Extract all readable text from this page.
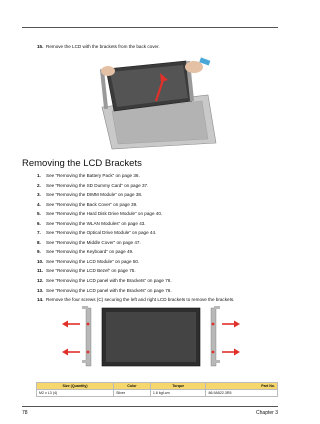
15. Remove the LCD with the brackets from the back cover.
Removing the LCD Brackets
1. See “Removing the Battery Pack” on page 36.
2. See “Removing the SD Dummy Card” on page 37.
3. See “Removing the DIMM Module” on page 38.
4. See “Removing the Back Cover” on page 39.
5. See “Removing the Hard Disk Drive Module” on page 40.
6. See “Removing the WLAN Modules” on page 43.
7. See “Removing the Optical Drive Module” on page 44.
8. See “Removing the Middle Cover” on page 47.
9. See “Removing the Keyboard” on page 49.
10. See “Removing the LCD Module” on page 50.
11. See “Removing the LCD Bezel” on page 75.
12. See “Removing the LCD panel with the Brackets” on page 76.
13. See “Removing the LCD panel with the Brackets” on page 76.
14. Remove the four screws (C) securing the left and right LCD brackets to remove the brackets.
Size (Quantity)	Color	Torque	Part No.
M2 x L3 (4)	Silver	1.6 kgf-cm	86.9A522.3R5
78	Chapter 3
